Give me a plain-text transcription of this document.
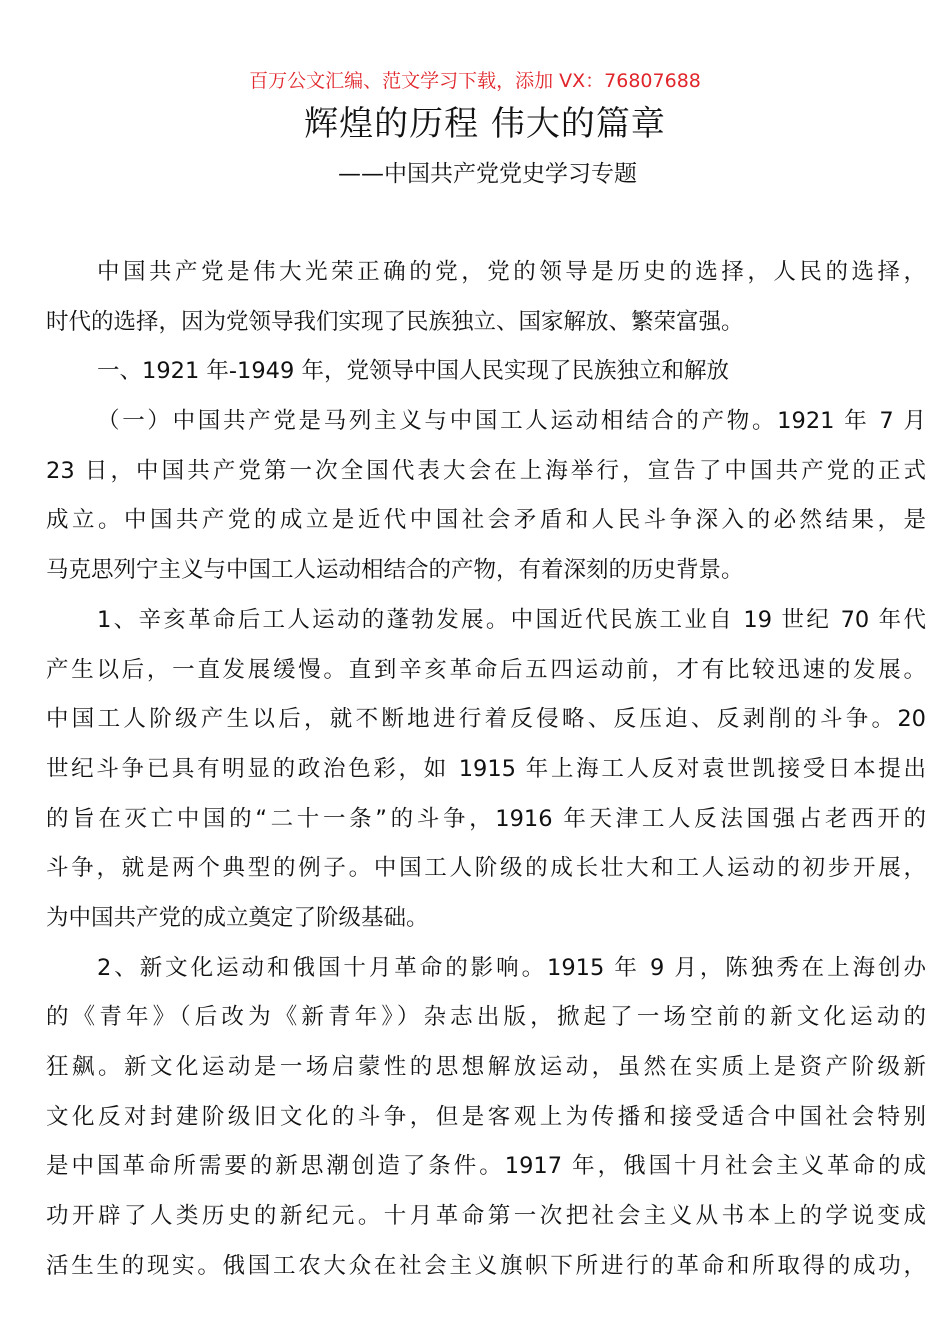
百万公文汇编、范文学习下载，添加 VX：76807688
辉煌的历程 伟大的篇章
——中国共产党党史学习专题
中国共产党是伟大光荣正确的党，党的领导是历史的选择，人民的选择，
时代的选择，因为党领导我们实现了民族独立、国家解放、繁荣富强。
一、1921 年-1949 年，党领导中国人民实现了民族独立和解放
（一）中国共产党是马列主义与中国工人运动相结合的产物。1921 年 7 月
23 日，中国共产党第一次全国代表大会在上海举行，宣告了中国共产党的正式
成立。中国共产党的成立是近代中国社会矛盾和人民斗争深入的必然结果，是
马克思列宁主义与中国工人运动相结合的产物，有着深刻的历史背景。
1、辛亥革命后工人运动的蓬勃发展。中国近代民族工业自 19 世纪 70 年代
产生以后，一直发展缓慢。直到辛亥革命后五四运动前，才有比较迅速的发展。
中国工人阶级产生以后，就不断地进行着反侵略、反压迫、反剥削的斗争。20
世纪斗争已具有明显的政治色彩，如 1915 年上海工人反对袁世凯接受日本提出
的旨在灭亡中国的“二十一条”的斗争，1916 年天津工人反法国强占老西开的
斗争，就是两个典型的例子。中国工人阶级的成长壮大和工人运动的初步开展，
为中国共产党的成立奠定了阶级基础。
2、新文化运动和俄国十月革命的影响。1915 年 9 月，陈独秀在上海创办
的《青年》（后改为《新青年》）杂志出版，掀起了一场空前的新文化运动的
狂飙。新文化运动是一场启蒙性的思想解放运动，虽然在实质上是资产阶级新
文化反对封建阶级旧文化的斗争，但是客观上为传播和接受适合中国社会特别
是中国革命所需要的新思潮创造了条件。1917 年，俄国十月社会主义革命的成
功开辟了人类历史的新纪元。十月革命第一次把社会主义从书本上的学说变成
活生生的现实。俄国工农大众在社会主义旗帜下所进行的革命和所取得的成功，
